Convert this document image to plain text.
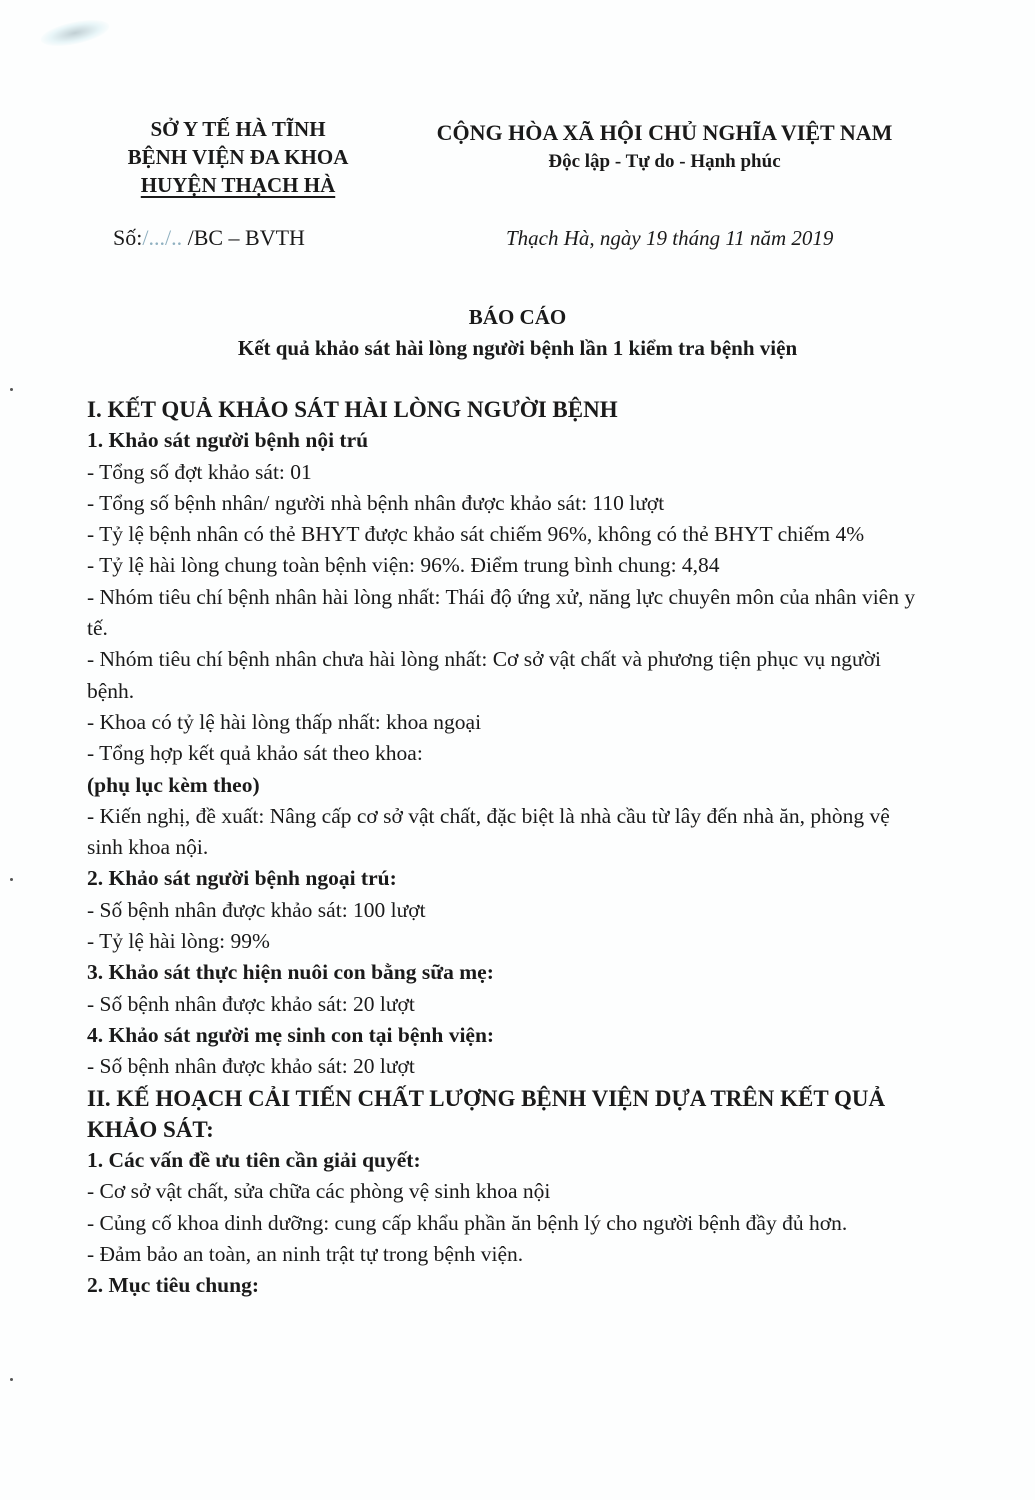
SỞ Y TẾ HÀ TĨNH
BỆNH VIỆN ĐA KHOA
HUYỆN THẠCH HÀ
CỘNG HÒA XÃ HỘI CHỦ NGHĨA VIỆT NAM
Độc lập - Tự do - Hạnh phúc
Số:/.../.. /BC – BVTH	Thạch Hà, ngày 19 tháng 11 năm 2019
BÁO CÁO
Kết quả khảo sát hài lòng người bệnh lần 1 kiểm tra bệnh viện

I. KẾT QUẢ KHẢO SÁT HÀI LÒNG NGƯỜI BỆNH

1. Khảo sát người bệnh nội trú

- Tổng số đợt khảo sát: 01

- Tổng số bệnh nhân/ người nhà bệnh nhân được khảo sát: 110 lượt

- Tỷ lệ bệnh nhân có thẻ BHYT được khảo sát chiếm 96%, không có thẻ BHYT chiếm 4%

- Tỷ lệ hài lòng chung toàn bệnh viện: 96%. Điểm trung bình chung: 4,84

- Nhóm tiêu chí bệnh nhân hài lòng nhất: Thái độ ứng xử, năng lực chuyên môn của nhân viên y tế.

- Nhóm tiêu chí bệnh nhân chưa hài lòng nhất: Cơ sở vật chất và phương tiện phục vụ người bệnh.

- Khoa có tỷ lệ hài lòng thấp nhất: khoa ngoại

- Tổng hợp kết quả khảo sát theo khoa:

(phụ lục kèm theo)

- Kiến nghị, đề xuất: Nâng cấp cơ sở vật chất, đặc biệt là nhà cầu từ lây đến nhà ăn, phòng vệ sinh khoa nội.

2. Khảo sát người bệnh ngoại trú:

- Số bệnh nhân được khảo sát: 100 lượt

- Tỷ lệ hài lòng: 99%

3. Khảo sát thực hiện nuôi con bằng sữa mẹ:

- Số bệnh nhân được khảo sát: 20 lượt

4. Khảo sát người mẹ sinh con tại bệnh viện:

- Số bệnh nhân được khảo sát: 20 lượt

II. KẾ HOẠCH CẢI TIẾN CHẤT LƯỢNG BỆNH VIỆN DỰA TRÊN KẾT QUẢ KHẢO SÁT:

1. Các vấn đề ưu tiên cần giải quyết:

- Cơ sở vật chất, sửa chữa các phòng vệ sinh khoa nội

- Củng cố khoa dinh dưỡng: cung cấp khẩu phần ăn bệnh lý cho người bệnh đầy đủ hơn.

- Đảm bảo an toàn, an ninh trật tự trong bệnh viện.

2. Mục tiêu chung:
